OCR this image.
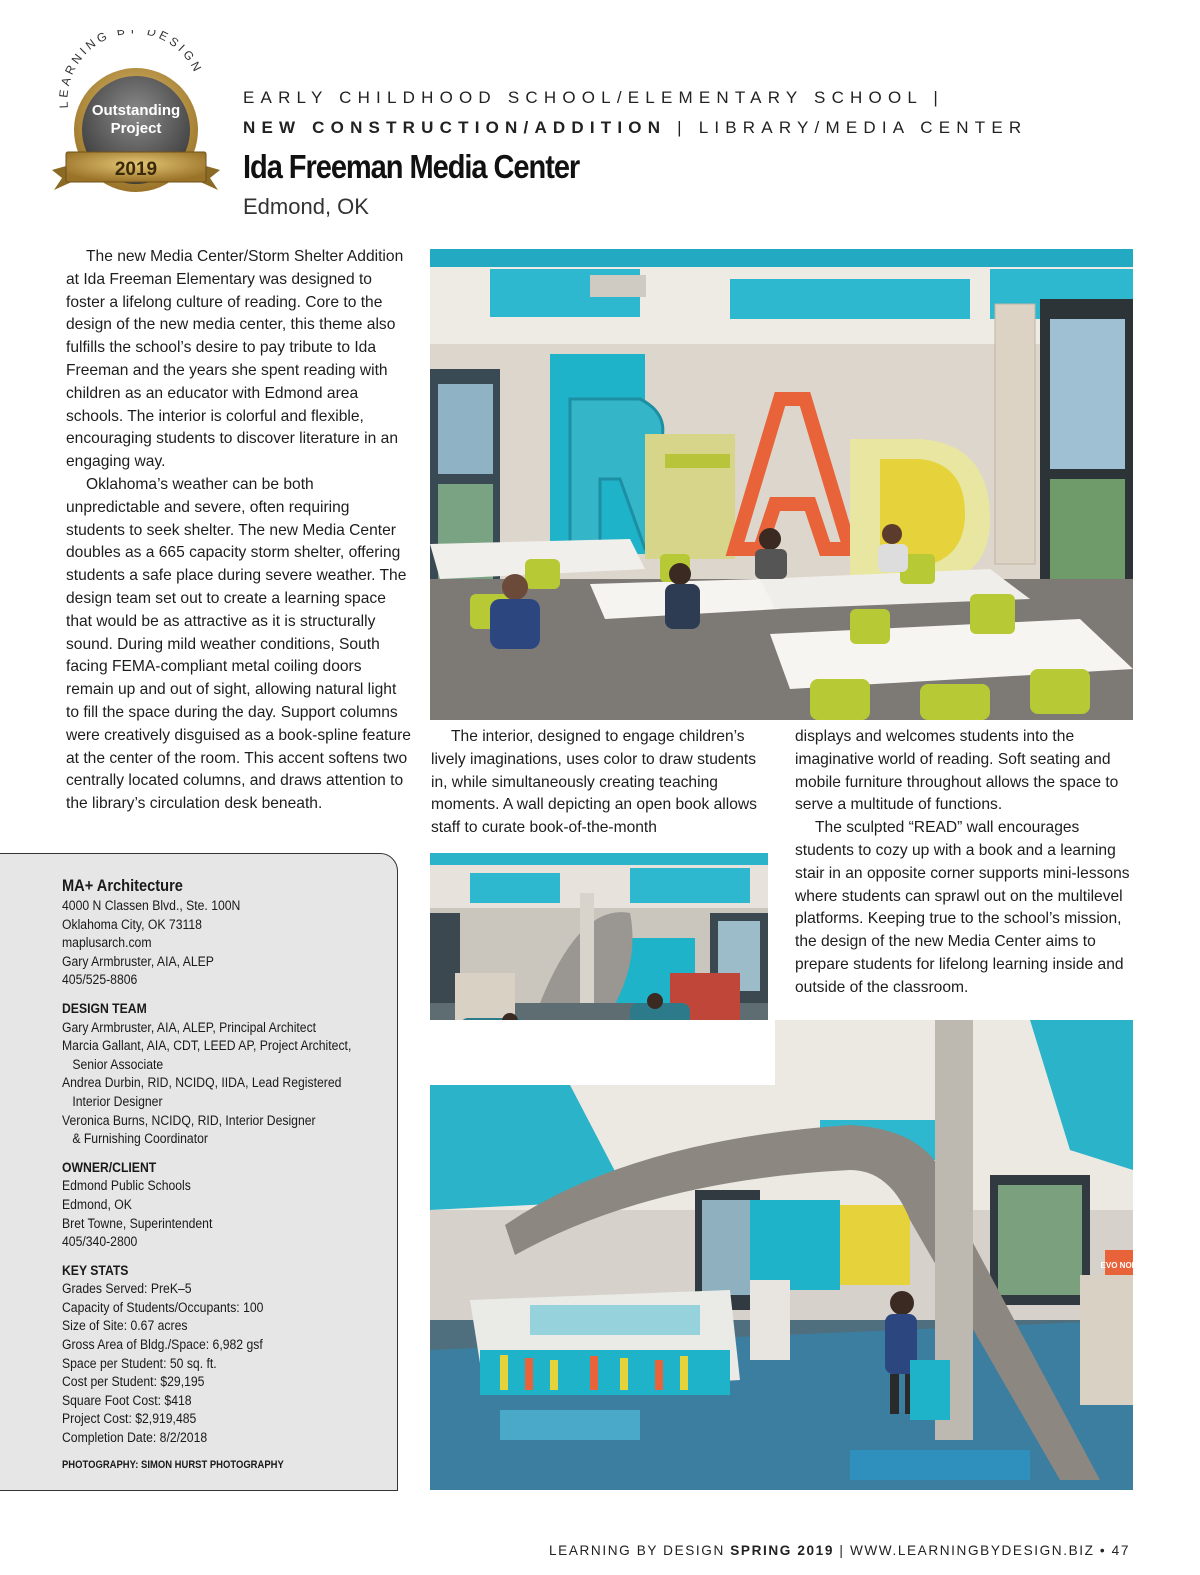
LEARNING B DESIGN
Outstanding
Project
2019
EARLY CHILDHOOD SCHOOL/ELEMENTARY SCHOOL |
NEW CONSTRUCTION/ADDITION | LIBRARY/MEDIA CENTER
Ida Freeman Media Center
Edmond, OK

The new Media Center/Storm Shelter Addition at Ida Freeman Elementary was designed to foster a lifelong culture of reading. Core to the design of the new media center, this theme also fulfills the school’s desire to pay tribute to Ida Freeman and the years she spent reading with children as an educator with Edmond area schools. The interior is colorful and flexible, encouraging students to discover literature in an engaging way.

Oklahoma’s weather can be both unpredictable and severe, often requiring students to seek shelter. The new Media Center doubles as a 665 capacity storm shelter, offering students a safe place during severe weather. The design team set out to create a learning space that would be as attractive as it is structurally sound. During mild weather conditions, South facing FEMA-compliant metal coiling doors remain up and out of sight, allowing natural light to fill the space during the day. Support columns were creatively disguised as a book-spline feature at the center of the room. This accent softens two centrally located columns, and draws attention to the library’s circulation desk beneath.

The interior, designed to engage children’s lively imaginations, uses color to draw students in, while simultaneously creating teaching moments. A wall depicting an open book allows staff to curate book-of-the-month

displays and welcomes students into the imaginative world of reading. Soft seating and mobile furniture throughout allows the space to serve a multitude of functions.

The sculpted “READ” wall encourages students to cozy up with a book and a learning stair in an opposite corner supports mini-lessons where students can sprawl out on the multilevel platforms. Keeping true to the school’s mission, the design of the new Media Center aims to prepare students for lifelong learning inside and outside of the classroom.

EVO NON
MA+ Architecture
4000 N Classen Blvd., Ste. 100N
Oklahoma City, OK 73118
maplusarch.com
Gary Armbruster, AIA, ALEP
405/525-8806
DESIGN TEAM
Gary Armbruster, AIA, ALEP, Principal Architect
Marcia Gallant, AIA, CDT, LEED AP, Project Architect,
Senior Associate
Andrea Durbin, RID, NCIDQ, IIDA, Lead Registered
Interior Designer
Veronica Burns, NCIDQ, RID, Interior Designer
& Furnishing Coordinator
OWNER/CLIENT
Edmond Public Schools
Edmond, OK
Bret Towne, Superintendent
405/340-2800
KEY STATS
Grades Served: PreK–5
Capacity of Students/Occupants: 100
Size of Site: 0.67 acres
Gross Area of Bldg./Space: 6,982 gsf
Space per Student: 50 sq. ft.
Cost per Student: $29,195
Square Foot Cost: $418
Project Cost: $2,919,485
Completion Date: 8/2/2018
PHOTOGRAPHY: SIMON HURST PHOTOGRAPHY
LEARNING BY DESIGN SPRING 2019 | WWW.LEARNINGBYDESIGN.BIZ • 47
